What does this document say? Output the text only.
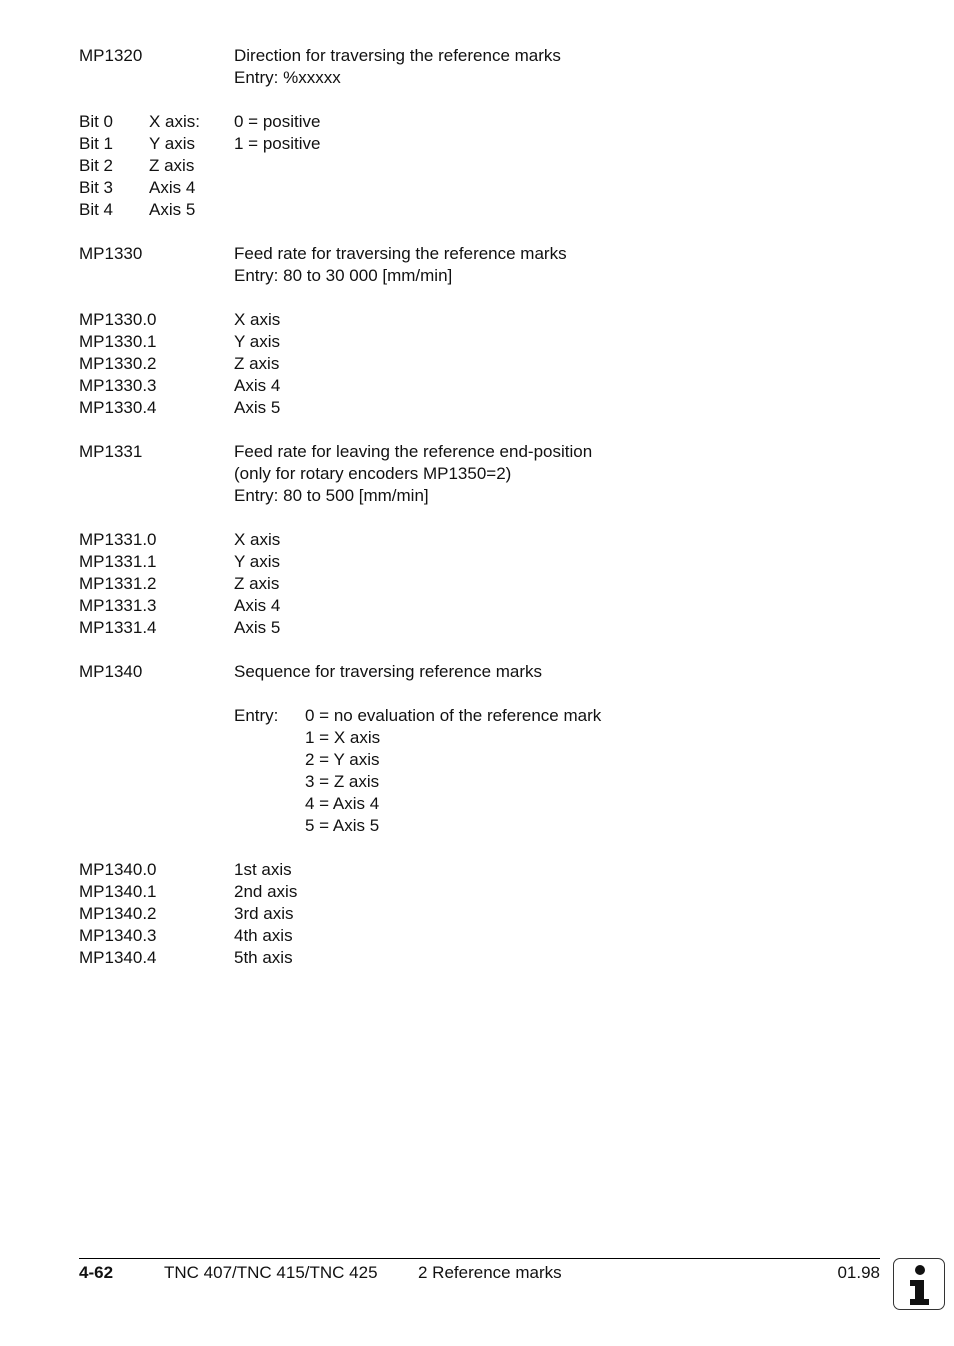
MP1320	Direction for traversing the reference marks
Entry: %xxxxx
Bit 0 X axis: 0 = positive
Bit 1 Y axis 1 = positive
Bit 2 Z axis
Bit 3 Axis 4
Bit 4 Axis 5
MP1330	Feed rate for traversing the reference marks
Entry: 80 to 30 000 [mm/min]
MP1330.0	X axis
MP1330.1	Y axis
MP1330.2	Z axis
MP1330.3	Axis 4
MP1330.4	Axis 5
MP1331	Feed rate for leaving the reference end-position
(only for rotary encoders MP1350=2)
Entry: 80 to 500 [mm/min]
MP1331.0	X axis
MP1331.1	Y axis
MP1331.2	Z axis
MP1331.3	Axis 4
MP1331.4	Axis 5
MP1340	Sequence for traversing reference marks
Entry: 0 = no evaluation of the reference mark
1 = X axis
2 = Y axis
3 = Z axis
4 = Axis 4
5 = Axis 5
MP1340.0	1st axis
MP1340.1	2nd axis
MP1340.2	3rd axis
MP1340.3	4th axis
MP1340.4	5th axis
4-62	TNC 407/TNC 415/TNC 425 2 Reference marks	01.98
